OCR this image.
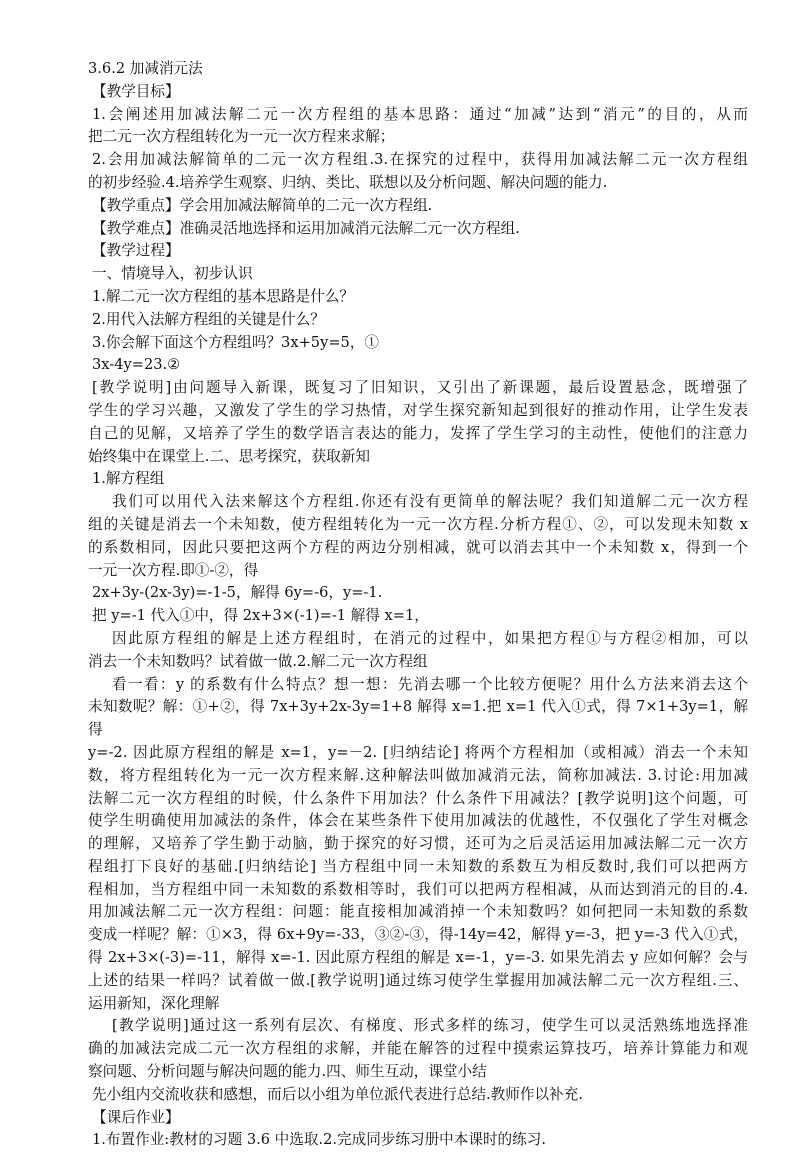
3.6.2 加减消元法

【教学目标】

1.会阐述用加减法解二元一次方程组的基本思路：通过“加减”达到“消元”的目的，从而

把二元一次方程组转化为一元一次方程来求解；

2.会用加减法解简单的二元一次方程组.3.在探究的过程中，获得用加减法解二元一次方程组

的初步经验.4.培养学生观察、归纳、类比、联想以及分析问题、解决问题的能力.

【教学重点】学会用加减法解简单的二元一次方程组.

【教学难点】准确灵活地选择和运用加减消元法解二元一次方程组.

【教学过程】

一、情境导入，初步认识

1.解二元一次方程组的基本思路是什么？

2.用代入法解方程组的关键是什么？

3.你会解下面这个方程组吗？3x+5y=5，①

3x-4y=23.②

[教学说明]由问题导入新课，既复习了旧知识，又引出了新课题，最后设置悬念，既增强了

学生的学习兴趣，又激发了学生的学习热情，对学生探究新知起到很好的推动作用，让学生发表

自己的见解，又培养了学生的数学语言表达的能力，发挥了学生学习的主动性，使他们的注意力

始终集中在课堂上.二、思考探究，获取新知

1.解方程组

我们可以用代入法来解这个方程组.你还有没有更简单的解法呢？我们知道解二元一次方程

组的关键是消去一个未知数，使方程组转化为一元一次方程.分析方程①、②，可以发现未知数 x

的系数相同，因此只要把这两个方程的两边分别相减，就可以消去其中一个未知数 x，得到一个

一元一次方程.即①-②，得

2x+3y-(2x-3y)=-1-5，解得 6y=-6，y=-1.

把 y=-1 代入①中，得 2x+3×(-1)=-1 解得 x=1，

因此原方程组的解是上述方程组时，在消元的过程中，如果把方程①与方程②相加，可以

消去一个未知数吗？试着做一做.2.解二元一次方程组

看一看：y 的系数有什么特点？想一想：先消去哪一个比较方便呢？用什么方法来消去这个

未知数呢？解：①+②，得 7x+3y+2x-3y=1+8 解得 x=1.把 x=1 代入①式，得 7×1+3y=1，解得

y=-2. 因此原方程组的解是 x=1，y=－2. [归纳结论] 将两个方程相加（或相减）消去一个未知

数，将方程组转化为一元一次方程来解.这种解法叫做加减消元法，简称加减法. 3.讨论:用加减

法解二元一次方程组的时候，什么条件下用加法？什么条件下用减法？[教学说明]这个问题，可

使学生明确使用加减法的条件，体会在某些条件下使用加减法的优越性，不仅强化了学生对概念

的理解，又培养了学生勤于动脑，勤于探究的好习惯，还可为之后灵活运用加减法解二元一次方

程组打下良好的基础.[归纳结论] 当方程组中同一未知数的系数互为相反数时,我们可以把两方

程相加，当方程组中同一未知数的系数相等时，我们可以把两方程相减，从而达到消元的目的.4.

用加减法解二元一次方程组：问题：能直接相加减消掉一个未知数吗？如何把同一未知数的系数

变成一样呢？解：①×3，得 6x+9y=-33，③②-③，得-14y=42，解得 y=-3，把 y=-3 代入①式，

得 2x+3×(-3)=-11，解得 x=-1. 因此原方程组的解是 x=-1，y=-3. 如果先消去 y 应如何解？会与

上述的结果一样吗？试着做一做.[教学说明]通过练习使学生掌握用加减法解二元一次方程组.三、

运用新知，深化理解

[教学说明]通过这一系列有层次、有梯度、形式多样的练习，使学生可以灵活熟练地选择准

确的加减法完成二元一次方程组的求解，并能在解答的过程中摸索运算技巧，培养计算能力和观

察问题、分析问题与解决问题的能力.四、师生互动，课堂小结

先小组内交流收获和感想，而后以小组为单位派代表进行总结.教师作以补充.

【课后作业】

1.布置作业:教材的习题 3.6 中选取.2.完成同步练习册中本课时的练习.
